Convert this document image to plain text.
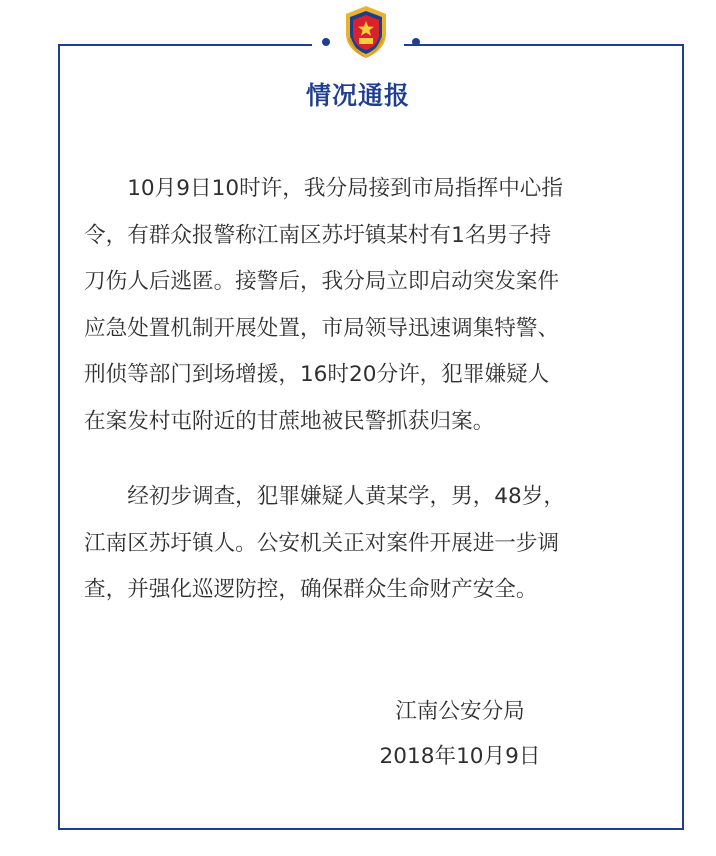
情况通报
　　10月9日10时许，我分局接到市局指挥中心指
令，有群众报警称江南区苏圩镇某村有1名男子持
刀伤人后逃匿。接警后，我分局立即启动突发案件
应急处置机制开展处置，市局领导迅速调集特警、
刑侦等部门到场增援，16时20分许，犯罪嫌疑人
在案发村屯附近的甘蔗地被民警抓获归案。
　　经初步调查，犯罪嫌疑人黄某学，男，48岁，
江南区苏圩镇人。公安机关正对案件开展进一步调
查，并强化巡逻防控，确保群众生命财产安全。
江南公安分局
2018年10月9日
